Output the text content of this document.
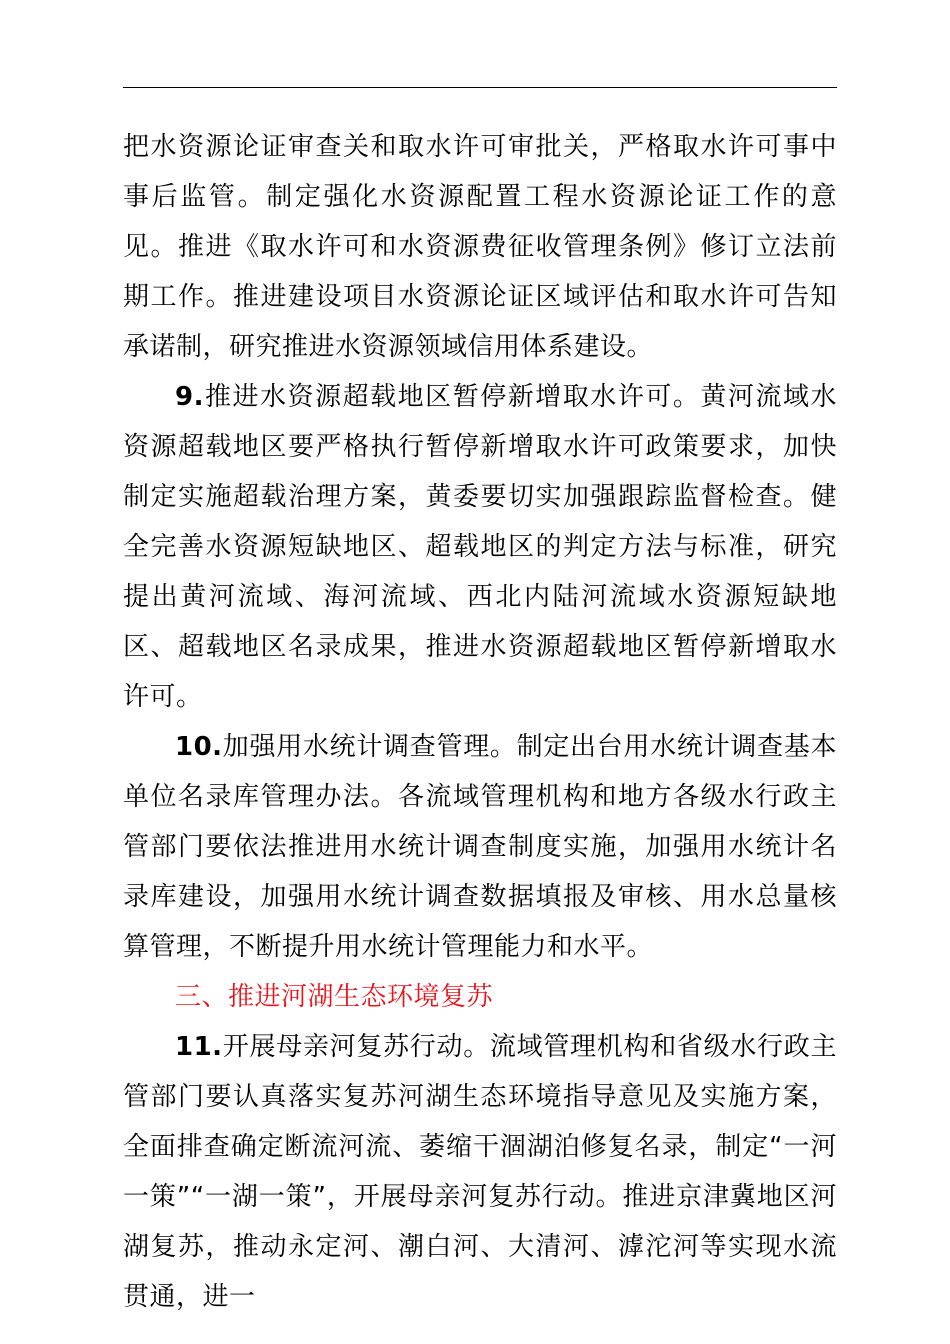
把水资源论证审查关和取水许可审批关，严格取水许可事中事后监管。制定强化水资源配置工程水资源论证工作的意见。推进《取水许可和水资源费征收管理条例》修订立法前期工作。推进建设项目水资源论证区域评估和取水许可告知承诺制，研究推进水资源领域信用体系建设。

9.推进水资源超载地区暂停新增取水许可。黄河流域水资源超载地区要严格执行暂停新增取水许可政策要求，加快制定实施超载治理方案，黄委要切实加强跟踪监督检查。健全完善水资源短缺地区、超载地区的判定方法与标准，研究提出黄河流域、海河流域、西北内陆河流域水资源短缺地区、超载地区名录成果，推进水资源超载地区暂停新增取水许可。

10.加强用水统计调查管理。制定出台用水统计调查基本单位名录库管理办法。各流域管理机构和地方各级水行政主管部门要依法推进用水统计调查制度实施，加强用水统计名录库建设，加强用水统计调查数据填报及审核、用水总量核算管理，不断提升用水统计管理能力和水平。

三、推进河湖生态环境复苏

11.开展母亲河复苏行动。流域管理机构和省级水行政主管部门要认真落实复苏河湖生态环境指导意见及实施方案，全面排查确定断流河流、萎缩干涸湖泊修复名录，制定“一河一策”“一湖一策”，开展母亲河复苏行动。推进京津冀地区河湖复苏，推动永定河、潮白河、大清河、滹沱河等实现水流贯通，进一
